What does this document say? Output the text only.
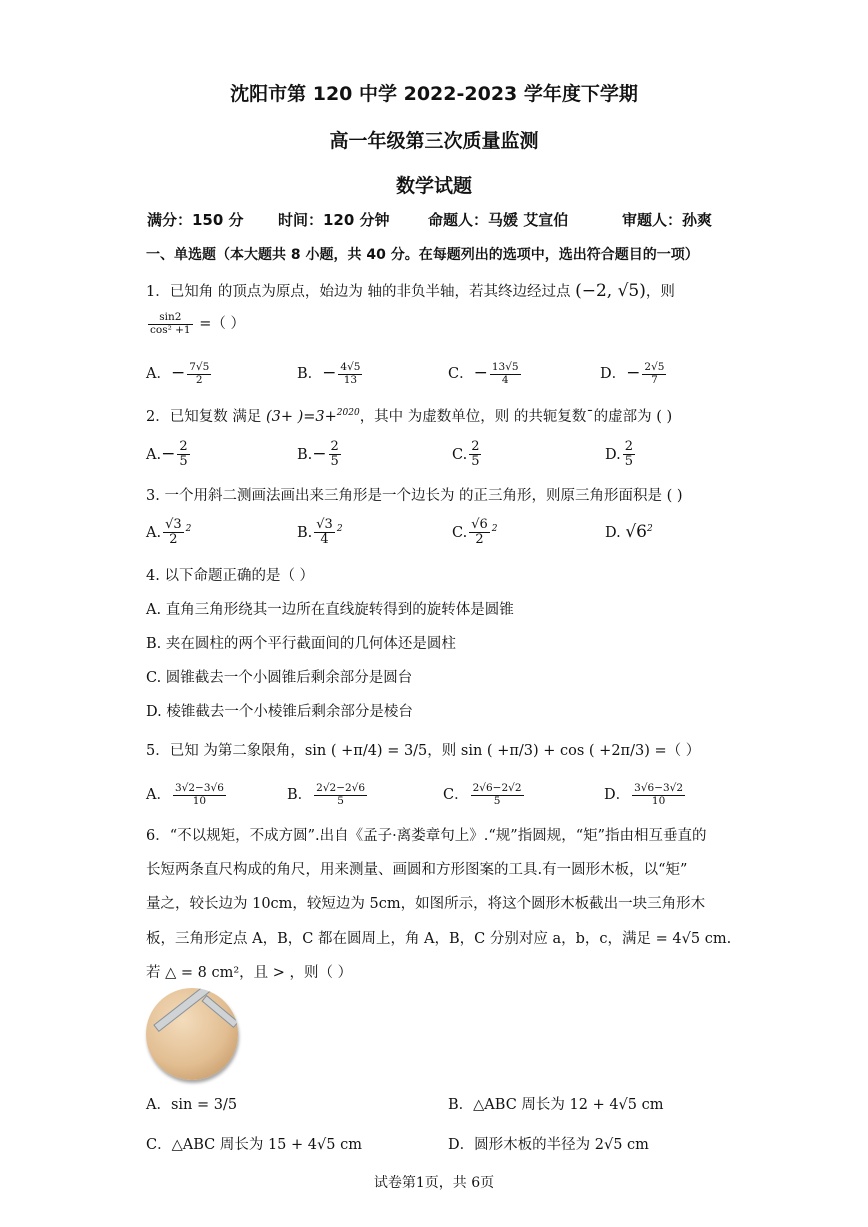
沈阳市第 120 中学 2022-2023 学年度下学期
高一年级第三次质量监测
数学试题
满分：150 分 时间：120 分钟	命题人：马媛 艾宣伯	审题人：孙爽
一、单选题（本大题共 8 小题，共 40 分。在每题列出的选项中，选出符合题目的一项）
1．已知角 的顶点为原点，始边为 轴的非负半轴，若其终边经过点 (−2, √5)，则
$\frac{\sin 2}{\text{cos² +1}}$ =（ ）
A．− $\frac{7√5}{2}$	B．− $\frac{4√5}{13}$	C．− $\frac{13√5}{4}$	D．− $\frac{2√5}{7}$
2．已知复数 满足 (3+ )=3+$^{2020}$，其中 为虚数单位，则 的共轭复数¯的虚部为 ( )
$A.- \frac{2}{5}$	$B.- \frac{2}{5}$	C. $\frac{2}{5}$	D. $\frac{2}{5}$
3. 一个用斜二测画法画出来三角形是一个边长为 的正三角形，则原三角形面积是 ( )
A. $\frac{√3}{2} ^2$	B. $\frac{√3}{4} ^2$	C. $\frac{√6}{2} ^2$	D. $√6^2$
4. 以下命题正确的是（ ）
A. 直角三角形绕其一边所在直线旋转得到的旋转体是圆锥
B. 夹在圆柱的两个平行截面间的几何体还是圆柱
C. 圆锥截去一个小圆锥后剩余部分是圆台
D. 棱锥截去一个小棱锥后剩余部分是棱台
5．已知 为第二象限角，sin ( +π/4) = 3/5，则 sin ( +π/3) + cos ( +2π/3) =（ ）
A． $\frac{3√2-3√6}{10}$	B． $\frac{2√2-2√6}{5}$	C． $\frac{2√6-2√2}{5}$	D． $\frac{3√6-3√2}{10}$
6．“不以规矩，不成方圆”.出自《孟子·离娄章句上》.“规”指圆规，“矩”指由相互垂直的
长短两条直尺构成的角尺，用来测量、画圆和方形图案的工具.有一圆形木板，以“矩”
量之，较长边为 10cm，较短边为 5cm，如图所示，将这个圆形木板截出一块三角形木
板，三角形定点 A，B，C 都在圆周上，角 A，B，C 分别对应 a，b，c，满足 = 4√5 cm.
若 △ = 8 cm²，且 > ，则（ ）
A．sin = 3/5	B．△ABC 周长为 12 + 4√5 cm
C．△ABC 周长为 15 + 4√5 cm	D．圆形木板的半径为 2√5 cm
试卷第1页，共 6页
